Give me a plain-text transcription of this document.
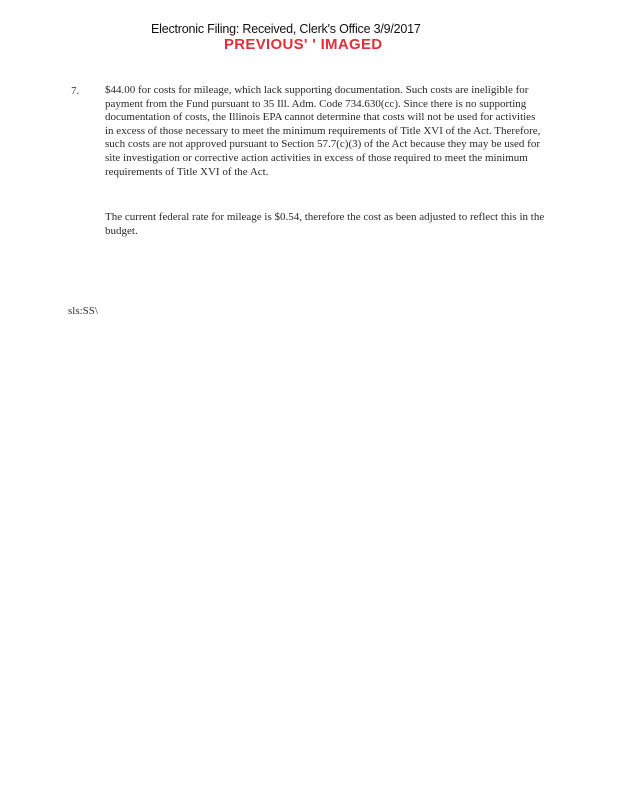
Electronic Filing: Received, Clerk's Office 3/9/2017
PREVIOUS' ' IMAGED
7. $44.00 for costs for mileage, which lack supporting documentation. Such costs are ineligible for payment from the Fund pursuant to 35 Ill. Adm. Code 734.630(cc). Since there is no supporting documentation of costs, the Illinois EPA cannot determine that costs will not be used for activities in excess of those necessary to meet the minimum requirements of Title XVI of the Act. Therefore, such costs are not approved pursuant to Section 57.7(c)(3) of the Act because they may be used for site investigation or corrective action activities in excess of those required to meet the minimum requirements of Title XVI of the Act.

The current federal rate for mileage is $0.54, therefore the cost as been adjusted to reflect this in the budget.

sls:SS\
